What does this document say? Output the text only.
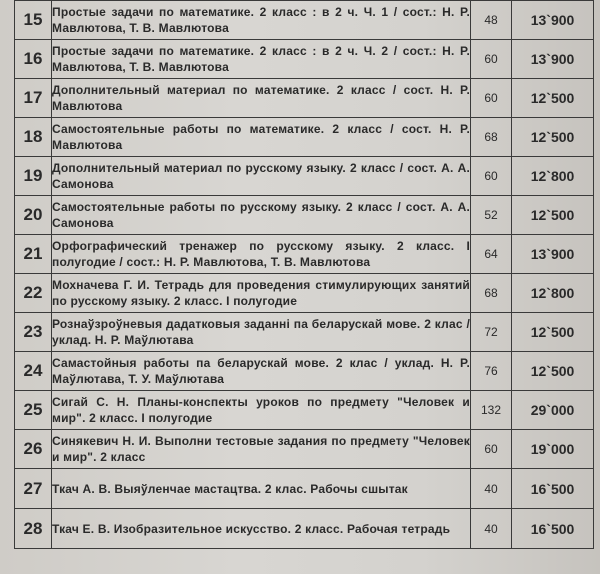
15	Простые задачи по математике. 2 класс : в 2 ч. Ч. 1 / сост.: Н. Р. Мавлютова, Т. В. Мавлютова	48	13`900
16	Простые задачи по математике. 2 класс : в 2 ч. Ч. 2 / сост.: Н. Р. Мавлютова, Т. В. Мавлютова	60	13`900
17	Дополнительный материал по математике. 2 класс / сост. Н. Р. Мавлютова	60	12`500
18	Самостоятельные работы по математике. 2 класс / сост. Н. Р. Мавлютова	68	12`500
19	Дополнительный материал по русскому языку. 2 класс / сост. А. А. Самонова	60	12`800
20	Самостоятельные работы по русскому языку. 2 класс / сост. А. А. Самонова	52	12`500
21	Орфографический тренажер по русскому языку. 2 класс. I полугодие / сост.: Н. Р. Мавлютова, Т. В. Мавлютова	64	13`900
22	Мохначева Г. И. Тетрадь для проведения стимулирующих занятий по русскому языку. 2 класс. I полугодие	68	12`800
23	Рознаўзроўневыя дадатковыя заданні па беларускай мове. 2 клас / уклад. Н. Р. Маўлютава	72	12`500
24	Самастойныя работы па беларускай мове. 2 клас / уклад. Н. Р. Маўлютава, Т. У. Маўлютава	76	12`500
25	Сигай С. Н. Планы-конспекты уроков по предмету "Человек и мир". 2 класс. I полугодие	132	29`000
26	Синякевич Н. И. Выполни тестовые задания по предмету "Человек и мир". 2 класс	60	19`000
27	Ткач А. В. Выяўленчае мастацтва. 2 клас. Рабочы сшытак	40	16`500
28	Ткач Е. В. Изобразительное искусство. 2 класс. Рабочая тетрадь	40	16`500
